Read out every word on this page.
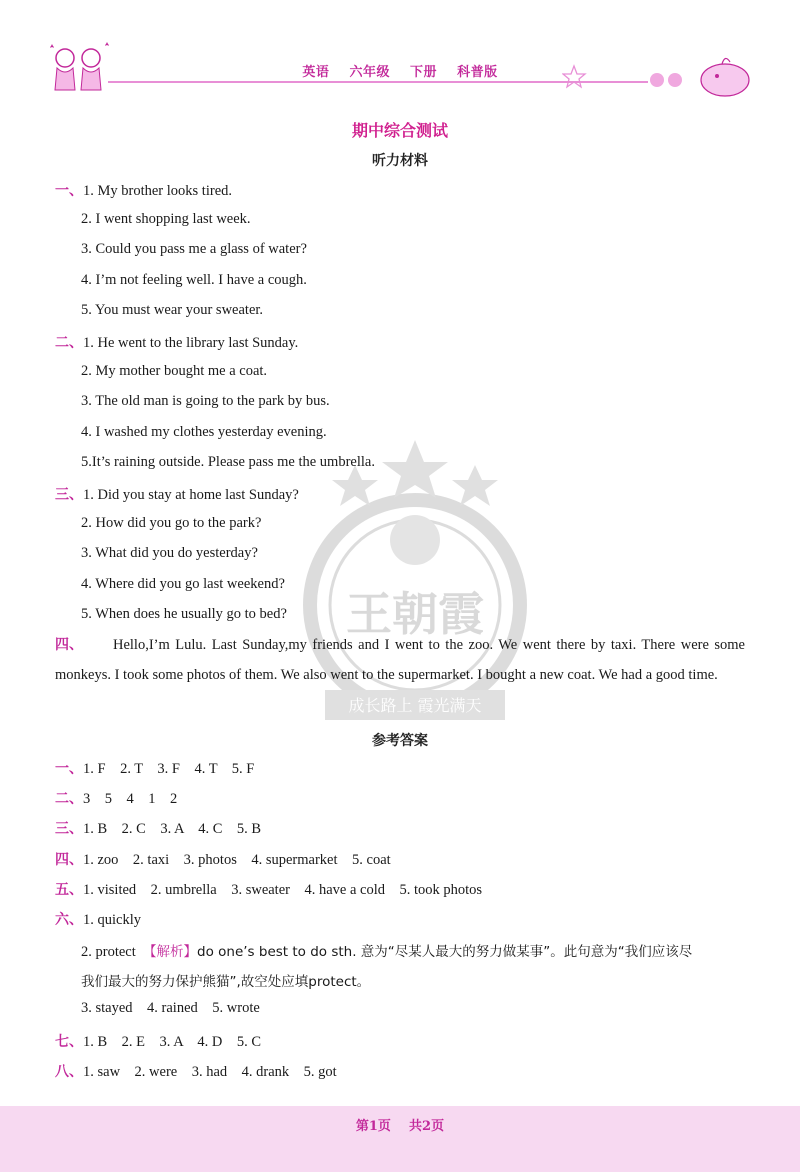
英语    六年级    下册    科普版
期中综合测试
听力材料
王朝霞
成长路上 霞光满天
一、1. My brother looks tired.
2. I went shopping last week.
3. Could you pass me a glass of water?
4. I’m not feeling well. I have a cough.
5. You must wear your sweater.
二、1. He went to the library last Sunday.
2. My mother bought me a coat.
3. The old man is going to the park by bus.
4. I washed my clothes yesterday evening.
5.It’s raining outside. Please pass me the umbrella.
三、1. Did you stay at home last Sunday?
2. How did you go to the park?
3. What did you do yesterday?
4. Where did you go last weekend?
5. When does he usually go to bed?
四、 Hello,I’m Lulu. Last Sunday,my friends and I went to the zoo. We went there by taxi. There were some monkeys. I took some photos of them. We also went to the supermarket. I bought a new coat. We had a good time.
参考答案
一、1. F    2. T    3. F    4. T    5. F
二、3    5    4    1    2
三、1. B    2. C    3. A    4. C    5. B
四、1. zoo    2. taxi    3. photos    4. supermarket    5. coat
五、1. visited    2. umbrella    3. sweater    4. have a cold    5. took photos
六、1. quickly
2. protect  【解析】do one’s best to do sth. 意为“尽某人最大的努力做某事”。此句意为“我们应该尽
我们最大的努力保护熊猫”,故空处应填protect。
3. stayed    4. rained    5. wrote
七、1. B    2. E    3. A    4. D    5. C
八、1. saw    2. were    3. had    4. drank    5. got
第1页    共2页
